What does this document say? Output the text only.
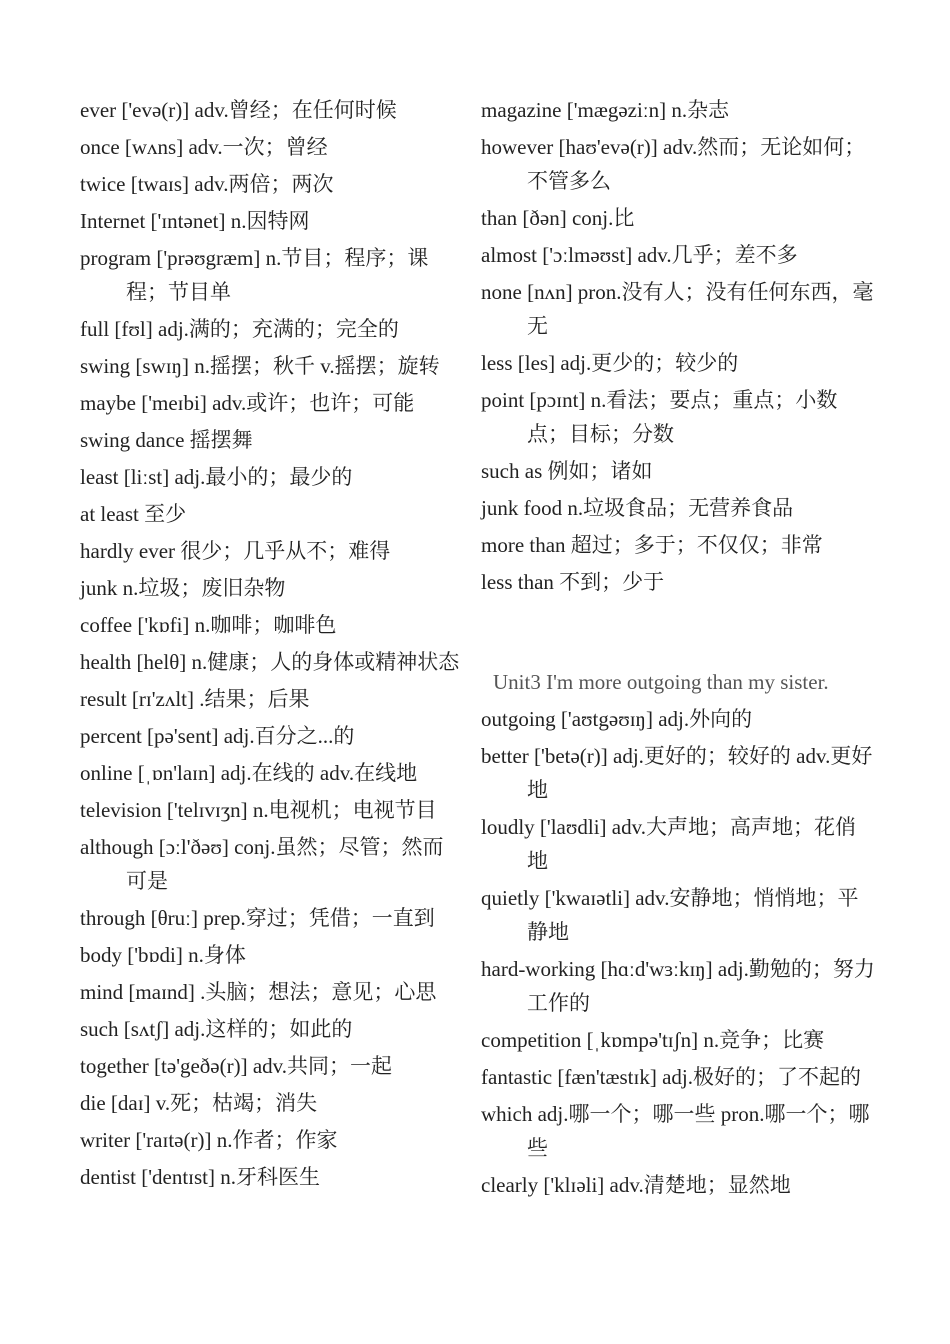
ever ['evə(r)] adv.曾经；在任何时候
once [wʌns] adv.一次；曾经
twice [twaɪs] adv.两倍；两次
Internet ['ɪntənet] n.因特网
program ['prəʊgræm] n.节目；程序；课程；节目单
full [fʊl] adj.满的；充满的；完全的
swing [swɪŋ] n.摇摆；秋千 v.摇摆；旋转
maybe ['meɪbi] adv.或许；也许；可能
swing dance 摇摆舞
least [liːst] adj.最小的；最少的
at least 至少
hardly ever 很少；几乎从不；难得
junk n.垃圾；废旧杂物
coffee ['kɒfi] n.咖啡；咖啡色
health [helθ] n.健康；人的身体或精神状态
result [rɪ'zʌlt] .结果；后果
percent [pə'sent] adj.百分之...的
online [ˌɒn'laɪn] adj.在线的 adv.在线地
television ['telɪvɪʒn] n.电视机；电视节目
although [ɔːl'ðəʊ] conj.虽然；尽管；然而可是
through [θruː] prep.穿过；凭借；一直到
body ['bɒdi] n.身体
mind [maɪnd] .头脑；想法；意见；心思
such [sʌtʃ] adj.这样的；如此的
together [tə'geðə(r)] adv.共同；一起
die [daɪ] v.死；枯竭；消失
writer ['raɪtə(r)] n.作者；作家
dentist ['dentɪst] n.牙科医生
magazine ['mægəziːn] n.杂志
however [haʊ'evə(r)] adv.然而；无论如何；不管多么
than [ðən] conj.比
almost ['ɔːlməʊst] adv.几乎；差不多
none [nʌn] pron.没有人；没有任何东西，毫无
less [les] adj.更少的；较少的
point [pɔɪnt] n.看法；要点；重点；小数点；目标；分数
such as 例如；诸如
junk food n.垃圾食品；无营养食品
more than 超过；多于；不仅仅；非常
less than 不到；少于
Unit3 I'm more outgoing than my sister.
outgoing ['aʊtgəʊɪŋ] adj.外向的
better ['betə(r)] adj.更好的；较好的 adv.更好地
loudly ['laʊdli] adv.大声地；高声地；花俏地
quietly ['kwaɪətli] adv.安静地；悄悄地；平静地
hard-working [hɑːd'wɜːkɪŋ] adj.勤勉的；努力工作的
competition [ˌkɒmpə'tɪʃn] n.竞争；比赛
fantastic [fæn'tæstɪk] adj.极好的；了不起的
which adj.哪一个；哪一些 pron.哪一个；哪些
clearly ['klɪəli] adv.清楚地；显然地
